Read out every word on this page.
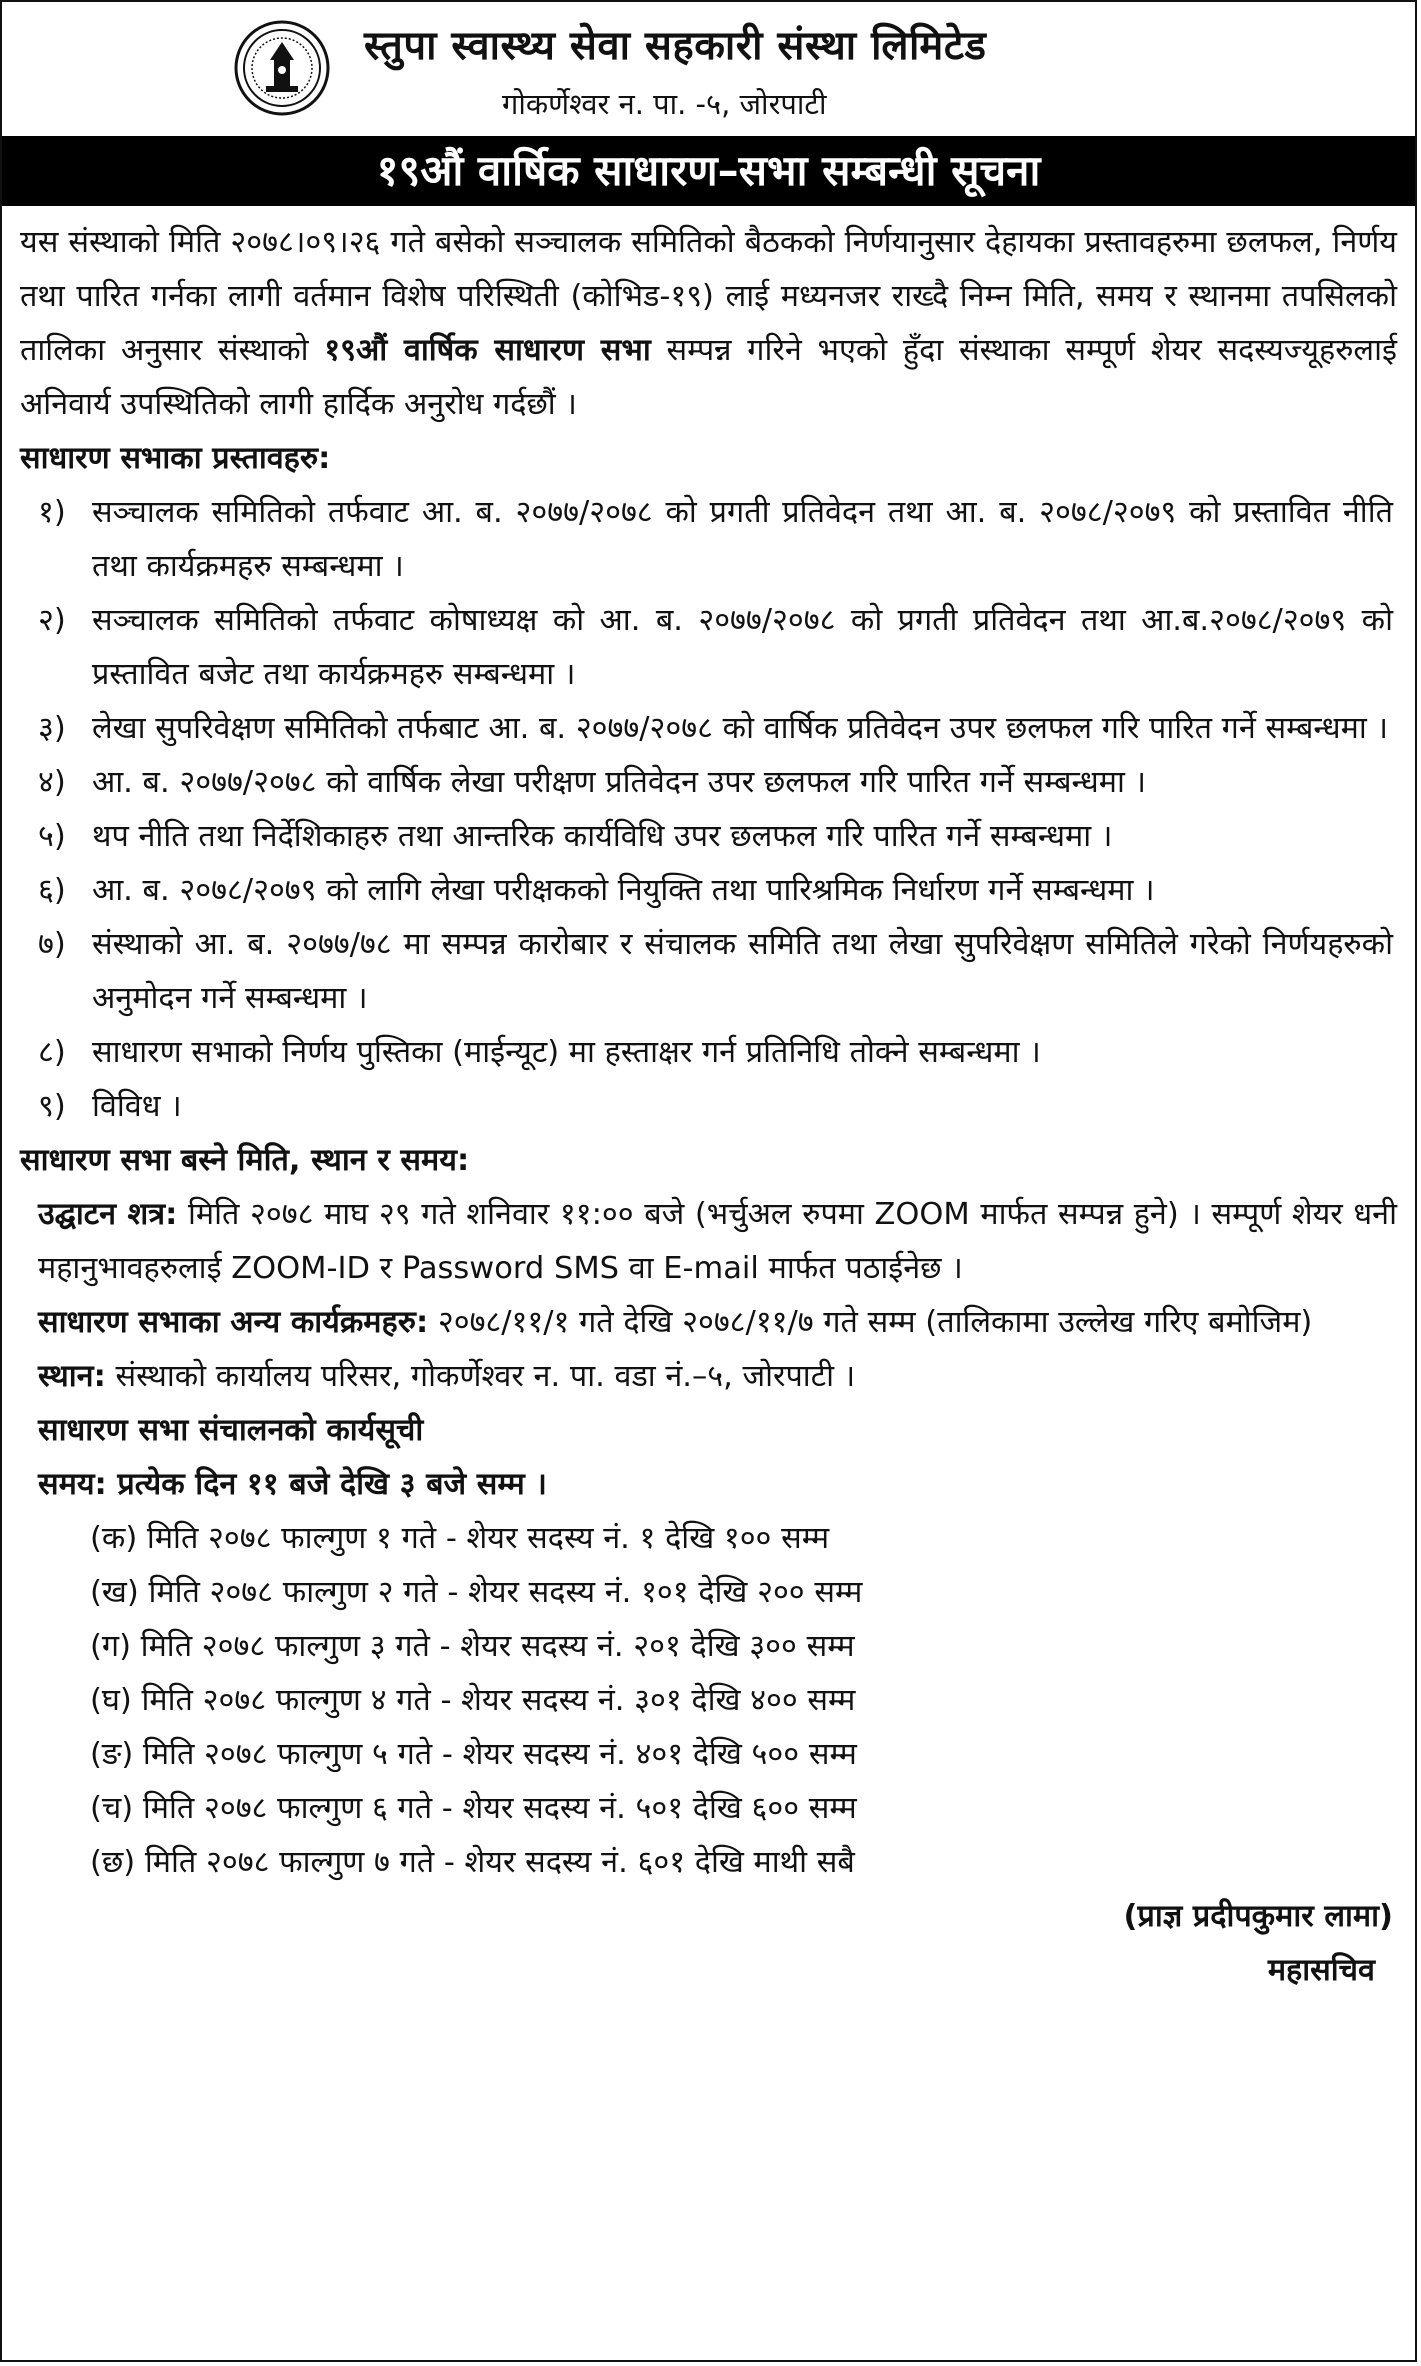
स्तुपा स्वास्थ्य सेवा सहकारी संस्था लिमिटेड
गोकर्णेश्वर न. पा. -५, जोरपाटी
१९औं वार्षिक साधारण–सभा सम्बन्धी सूचना

यस संस्थाको मिति २०७८।०९।२६ गते बसेको सञ्चालक समितिको बैठकको निर्णयानुसार देहायका प्रस्तावहरुमा छलफल, निर्णय तथा पारित गर्नका लागी वर्तमान विशेष परिस्थिती (कोभिड-१९) लाई मध्यनजर राख्दै निम्न मिति, समय र स्थानमा तपसिलको तालिका अनुसार संस्थाको १९औं वार्षिक साधारण सभा सम्पन्न गरिने भएको हुँदा संस्थाका सम्पूर्ण शेयर सदस्यज्यूहरुलाई अनिवार्य उपस्थितिको लागी हार्दिक अनुरोध गर्दछौं ।

साधारण सभाका प्रस्तावहरु:

१) सञ्चालक समितिको तर्फवाट आ. ब. २०७७/२०७८ को प्रगती प्रतिवेदन तथा आ. ब. २०७८/२०७९ को प्रस्तावित नीति तथा कार्यक्रमहरु सम्बन्धमा ।
२) सञ्चालक समितिको तर्फवाट कोषाध्यक्ष को आ. ब. २०७७/२०७८ को प्रगती प्रतिवेदन तथा आ.ब.२०७८/२०७९ को प्रस्तावित बजेट तथा कार्यक्रमहरु सम्बन्धमा ।
३) लेखा सुपरिवेक्षण समितिको तर्फबाट आ. ब. २०७७/२०७८ को वार्षिक प्रतिवेदन उपर छलफल गरि पारित गर्ने सम्बन्धमा ।
४) आ. ब. २०७७/२०७८ को वार्षिक लेखा परीक्षण प्रतिवेदन उपर छलफल गरि पारित गर्ने सम्बन्धमा ।
५) थप नीति तथा निर्देशिकाहरु तथा आन्तरिक कार्यविधि उपर छलफल गरि पारित गर्ने सम्बन्धमा ।
६) आ. ब. २०७८/२०७९ को लागि लेखा परीक्षकको नियुक्ति तथा पारिश्रमिक निर्धारण गर्ने सम्बन्धमा ।
७) संस्थाको आ. ब. २०७७/७८ मा सम्पन्न कारोबार र संचालक समिति तथा लेखा सुपरिवेक्षण समितिले गरेको निर्णयहरुको अनुमोदन गर्ने सम्बन्धमा ।
८) साधारण सभाको निर्णय पुस्तिका (माईन्यूट) मा हस्ताक्षर गर्न प्रतिनिधि तोक्ने सम्बन्धमा ।
९) विविध ।

साधारण सभा बस्ने मिति, स्थान र समय:

उद्घाटन शत्र: मिति २०७८ माघ २९ गते शनिवार ११:०० बजे (भर्चुअल रुपमा ZOOM मार्फत सम्पन्न हुने) । सम्पूर्ण शेयर धनी महानुभावहरुलाई ZOOM-ID र Password SMS वा E-mail मार्फत पठाईनेछ ।

साधारण सभाका अन्य कार्यक्रमहरु: २०७८/११/१ गते देखि २०७८/११/७ गते सम्म (तालिकामा उल्लेख गरिए बमोजिम)

स्थान: संस्थाको कार्यालय परिसर, गोकर्णेश्वर न. पा. वडा नं.–५, जोरपाटी ।

साधारण सभा संचालनको कार्यसूची

समय: प्रत्येक दिन ११ बजे देखि ३ बजे सम्म ।

(क) मिति २०७८ फाल्गुण १ गते - शेयर सदस्य नं. १ देखि १०० सम्म

(ख) मिति २०७८ फाल्गुण २ गते - शेयर सदस्य नं. १०१ देखि २०० सम्म

(ग) मिति २०७८ फाल्गुण ३ गते - शेयर सदस्य नं. २०१ देखि ३०० सम्म

(घ) मिति २०७८ फाल्गुण ४ गते - शेयर सदस्य नं. ३०१ देखि ४०० सम्म

(ङ) मिति २०७८ फाल्गुण ५ गते - शेयर सदस्य नं. ४०१ देखि ५०० सम्म

(च) मिति २०७८ फाल्गुण ६ गते - शेयर सदस्य नं. ५०१ देखि ६०० सम्म

(छ) मिति २०७८ फाल्गुण ७ गते - शेयर सदस्य नं. ६०१ देखि माथी सबै

(प्राज्ञ प्रदीपकुमार लामा)

महासचिव
